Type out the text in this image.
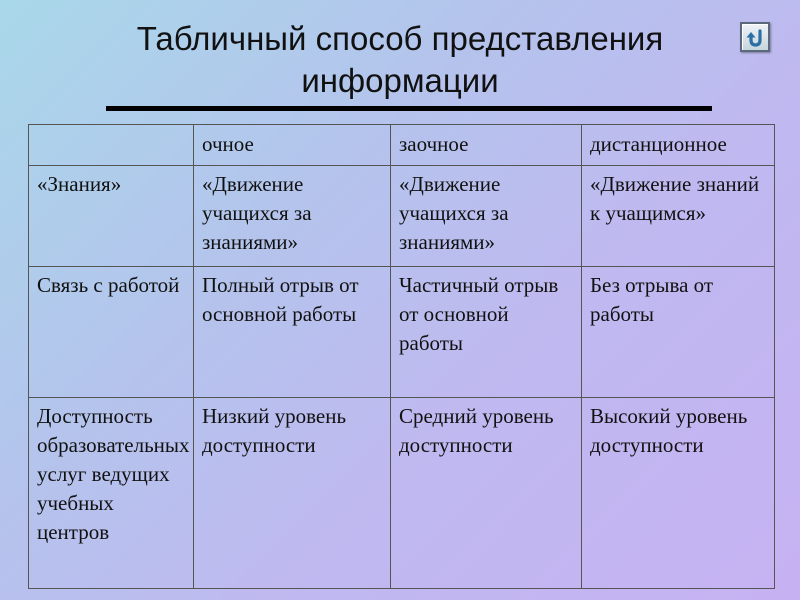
Табличный способ представления
информации
	очное	заочное	дистанционное
«Знания»	«Движение учащихся за знаниями»	«Движение учащихся за знаниями»	«Движение знаний к учащимся»
Связь с работой	Полный отрыв от основной работы	Частичный отрыв от основной работы	Без отрыва от работы
Доступность образовательных услуг ведущих учебных центров	Низкий уровень доступности	Средний уровень доступности	Высокий уровень доступности
